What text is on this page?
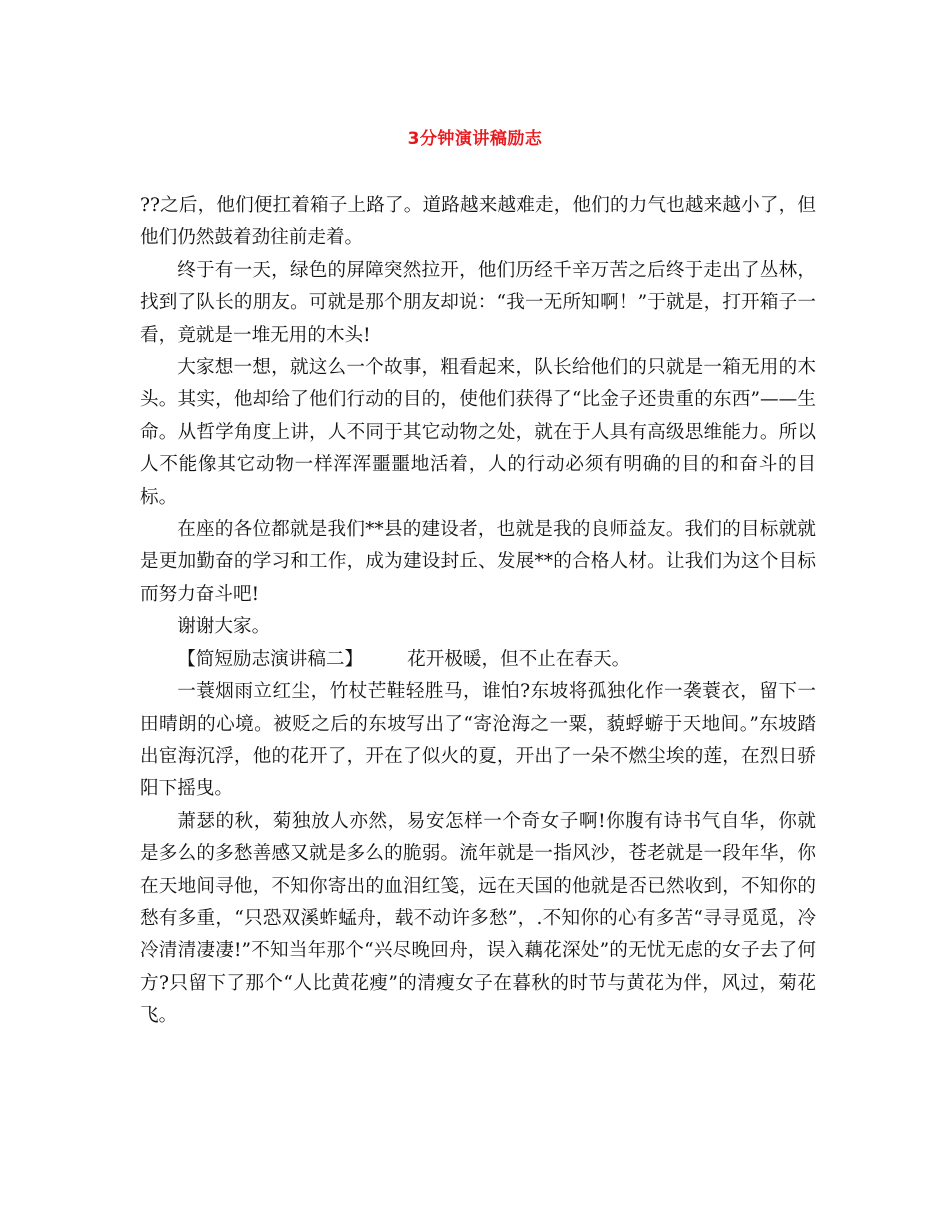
3分钟演讲稿励志

??之后，他们便扛着箱子上路了。道路越来越难走，他们的力气也越来越小了，但他们仍然鼓着劲往前走着。

终于有一天，绿色的屏障突然拉开，他们历经千辛万苦之后终于走出了丛林，找到了队长的朋友。可就是那个朋友却说：“我一无所知啊！”于就是，打开箱子一看，竟就是一堆无用的木头!

大家想一想，就这么一个故事，粗看起来，队长给他们的只就是一箱无用的木头。其实，他却给了他们行动的目的，使他们获得了“比金子还贵重的东西”——生命。从哲学角度上讲，人不同于其它动物之处，就在于人具有高级思维能力。所以人不能像其它动物一样浑浑噩噩地活着，人的行动必须有明确的目的和奋斗的目标。

在座的各位都就是我们**县的建设者，也就是我的良师益友。我们的目标就就是更加勤奋的学习和工作，成为建设封丘、发展**的合格人材。让我们为这个目标而努力奋斗吧!

谢谢大家。

【简短励志演讲稿二】 花开极暖，但不止在春天。

一蓑烟雨立红尘，竹杖芒鞋轻胜马，谁怕?东坡将孤独化作一袭蓑衣，留下一田晴朗的心境。被贬之后的东坡写出了“寄沧海之一粟，藐蜉蝣于天地间。”东坡踏出宦海沉浮，他的花开了，开在了似火的夏，开出了一朵不燃尘埃的莲，在烈日骄阳下摇曳。

萧瑟的秋，菊独放人亦然，易安怎样一个奇女子啊!你腹有诗书气自华，你就是多么的多愁善感又就是多么的脆弱。流年就是一指风沙，苍老就是一段年华，你在天地间寻他，不知你寄出的血泪红笺，远在天国的他就是否已然收到，不知你的愁有多重，“只恐双溪蚱蜢舟，载不动许多愁”，.不知你的心有多苦“寻寻觅觅，冷冷清清凄凄!”不知当年那个“兴尽晚回舟，误入藕花深处”的无忧无虑的女子去了何方?只留下了那个“人比黄花瘦”的清瘦女子在暮秋的时节与黄花为伴，风过，菊花飞。
